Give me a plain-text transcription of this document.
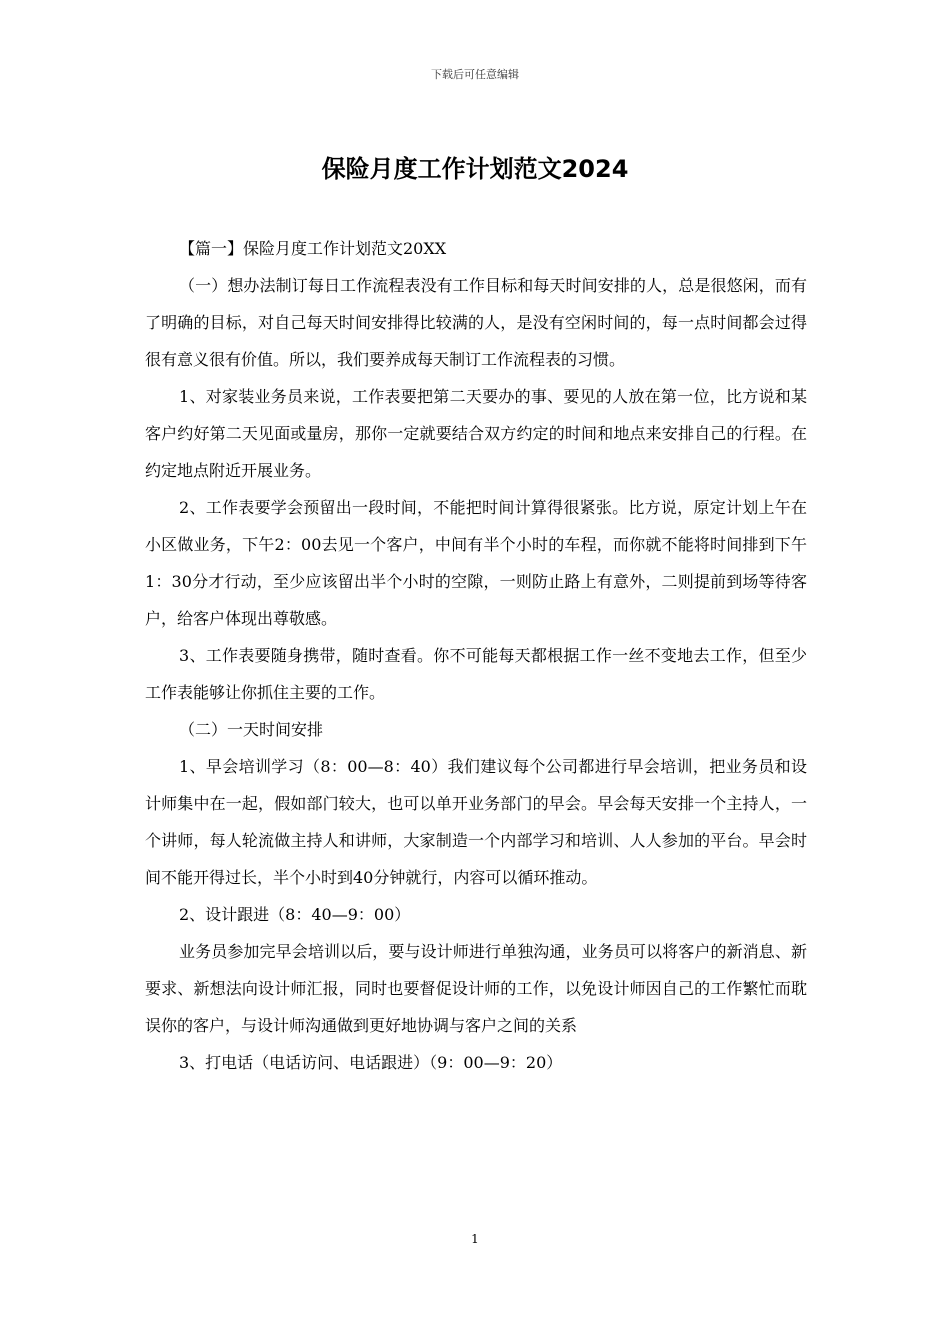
下载后可任意编辑
保险月度工作计划范文2024

【篇一】保险月度工作计划范文20XX

（一）想办法制订每日工作流程表没有工作目标和每天时间安排的人，总是很悠闲，而有了明确的目标，对自己每天时间安排得比较满的人，是没有空闲时间的，每一点时间都会过得很有意义很有价值。所以，我们要养成每天制订工作流程表的习惯。

1、对家装业务员来说，工作表要把第二天要办的事、要见的人放在第一位，比方说和某客户约好第二天见面或量房，那你一定就要结合双方约定的时间和地点来安排自己的行程。在约定地点附近开展业务。

2、工作表要学会预留出一段时间，不能把时间计算得很紧张。比方说，原定计划上午在小区做业务，下午2：00去见一个客户，中间有半个小时的车程，而你就不能将时间排到下午1：30分才行动，至少应该留出半个小时的空隙，一则防止路上有意外，二则提前到场等待客户，给客户体现出尊敬感。

3、工作表要随身携带，随时查看。你不可能每天都根据工作一丝不变地去工作，但至少工作表能够让你抓住主要的工作。

（二）一天时间安排

1、早会培训学习（8：00—8：40）我们建议每个公司都进行早会培训，把业务员和设计师集中在一起，假如部门较大，也可以单开业务部门的早会。早会每天安排一个主持人，一个讲师，每人轮流做主持人和讲师，大家制造一个内部学习和培训、人人参加的平台。早会时间不能开得过长，半个小时到40分钟就行，内容可以循环推动。

2、设计跟进（8：40—9：00）

业务员参加完早会培训以后，要与设计师进行单独沟通，业务员可以将客户的新消息、新要求、新想法向设计师汇报，同时也要督促设计师的工作，以免设计师因自己的工作繁忙而耽误你的客户，与设计师沟通做到更好地协调与客户之间的关系

3、打电话（电话访问、电话跟进）（9：00—9：20）

1
